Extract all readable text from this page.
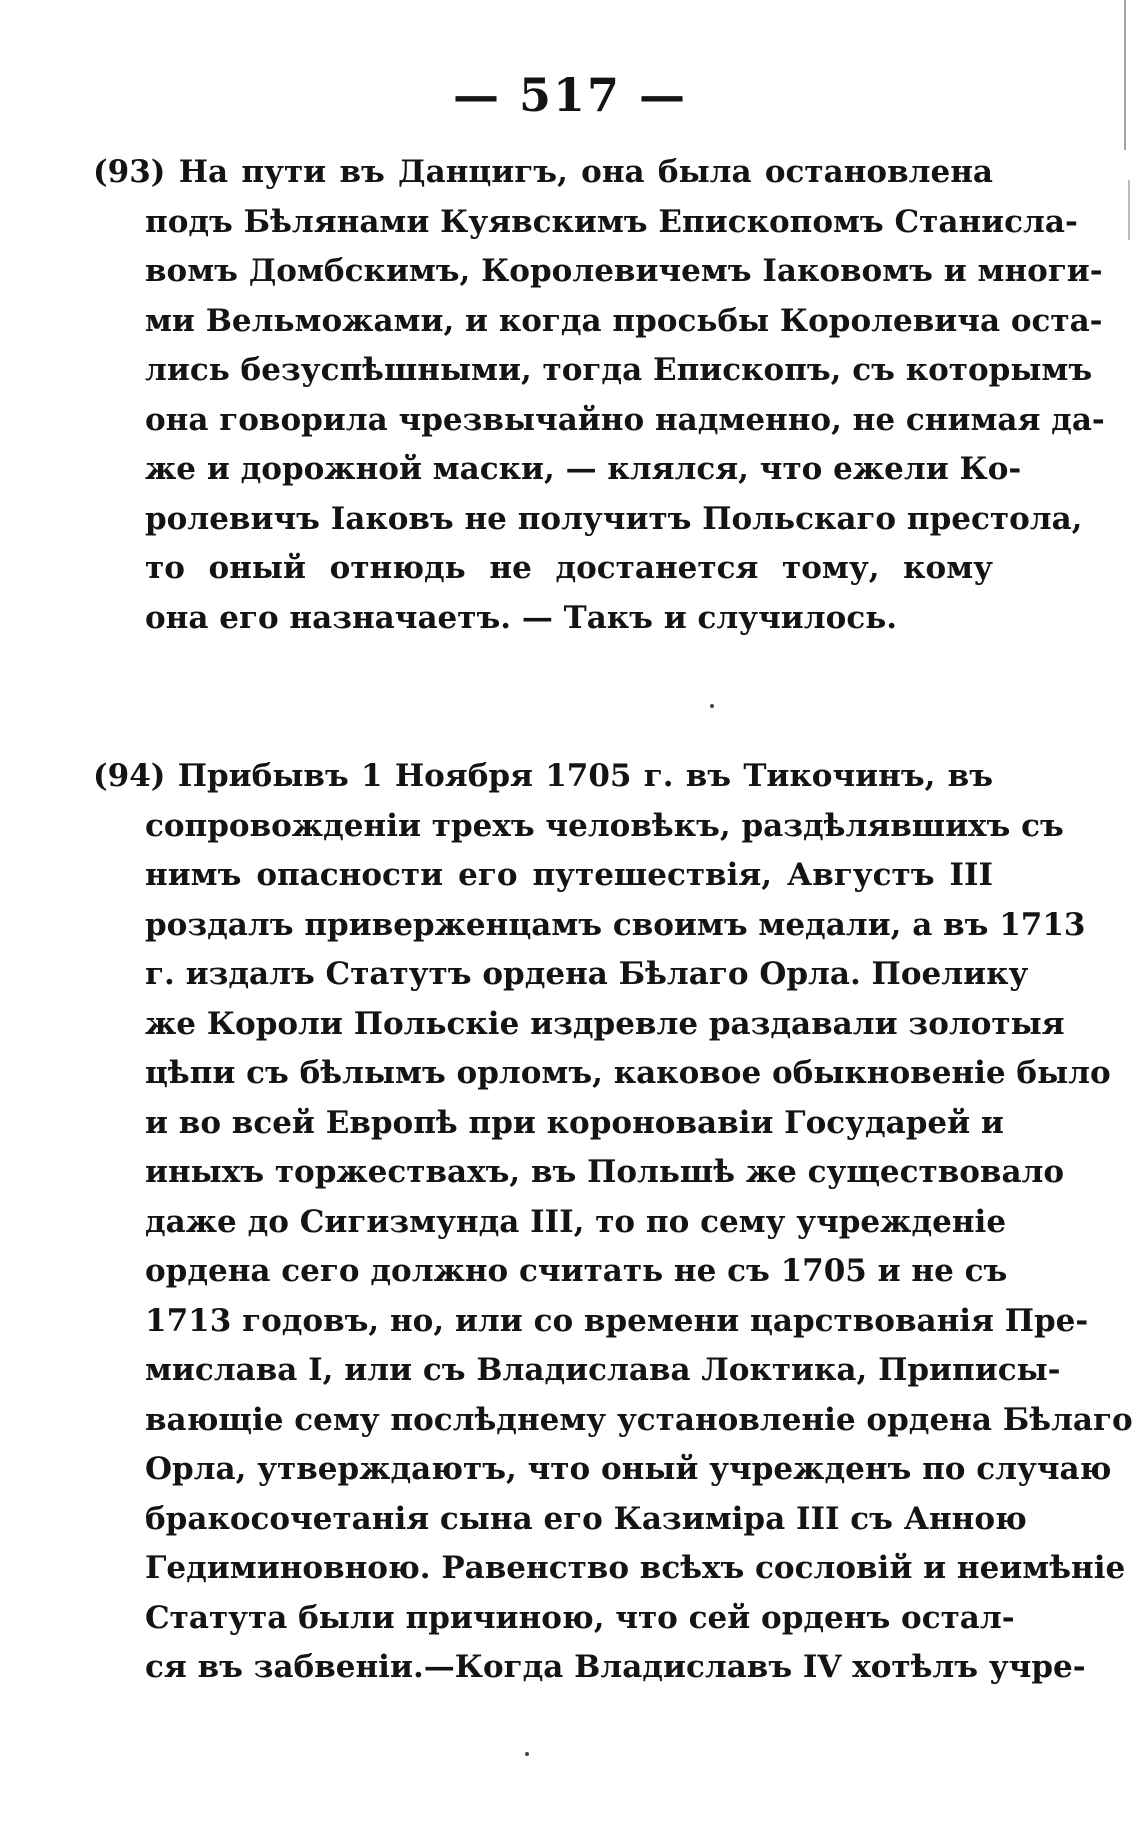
— 517 —
(93) На пути въ Данцигъ, она была остановлена
подъ Бѣлянами Куявскимъ Епископомъ Станисла-
вомъ Домбскимъ, Королевичемъ Іаковомъ и многи-
ми Вельможами, и когда просьбы Королевича оста-
лись безуспѣшными, тогда Епископъ, съ которымъ
она говорила чрезвычайно надменно, не снимая да-
же и дорожной маски, — клялся, что ежели Ко-
ролевичъ Іаковъ не получитъ Польскаго престола,
то оный отнюдь не достанется тому, кому
она его назначаетъ. — Такъ и случилось.
(94) Прибывъ 1 Ноября 1705 г. въ Тикочинъ, въ
сопровожденіи трехъ человѣкъ, раздѣлявшихъ съ
нимъ опасности его путешествія, Августъ III
роздалъ приверженцамъ своимъ медали, а въ 1713
г. издалъ Статутъ ордена Бѣлаго Орла. Поелику
же Короли Польскіе издревле раздавали золотыя
цѣпи съ бѣлымъ орломъ, каковое обыкновеніе было
и во всей Европѣ при короновавіи Государей и
иныхъ торжествахъ, въ Польшѣ же существовало
даже до Сигизмунда III, то по сему учрежденіе
ордена сего должно считать не съ 1705 и не съ
1713 годовъ, но, или со времени царствованія Пре-
мислава I, или съ Владислава Локтика, Приписы-
вающіе сему послѣднему установленіе ордена Бѣлаго
Орла, утверждаютъ, что оный учрежденъ по случаю
бракосочетанія сына его Казиміра III съ Анною
Гедиминовною. Равенство всѣхъ сословій и неимѣніе
Статута были причиною, что сей орденъ остал-
ся въ забвеніи.—Когда Владиславъ IV хотѣлъ учре-
